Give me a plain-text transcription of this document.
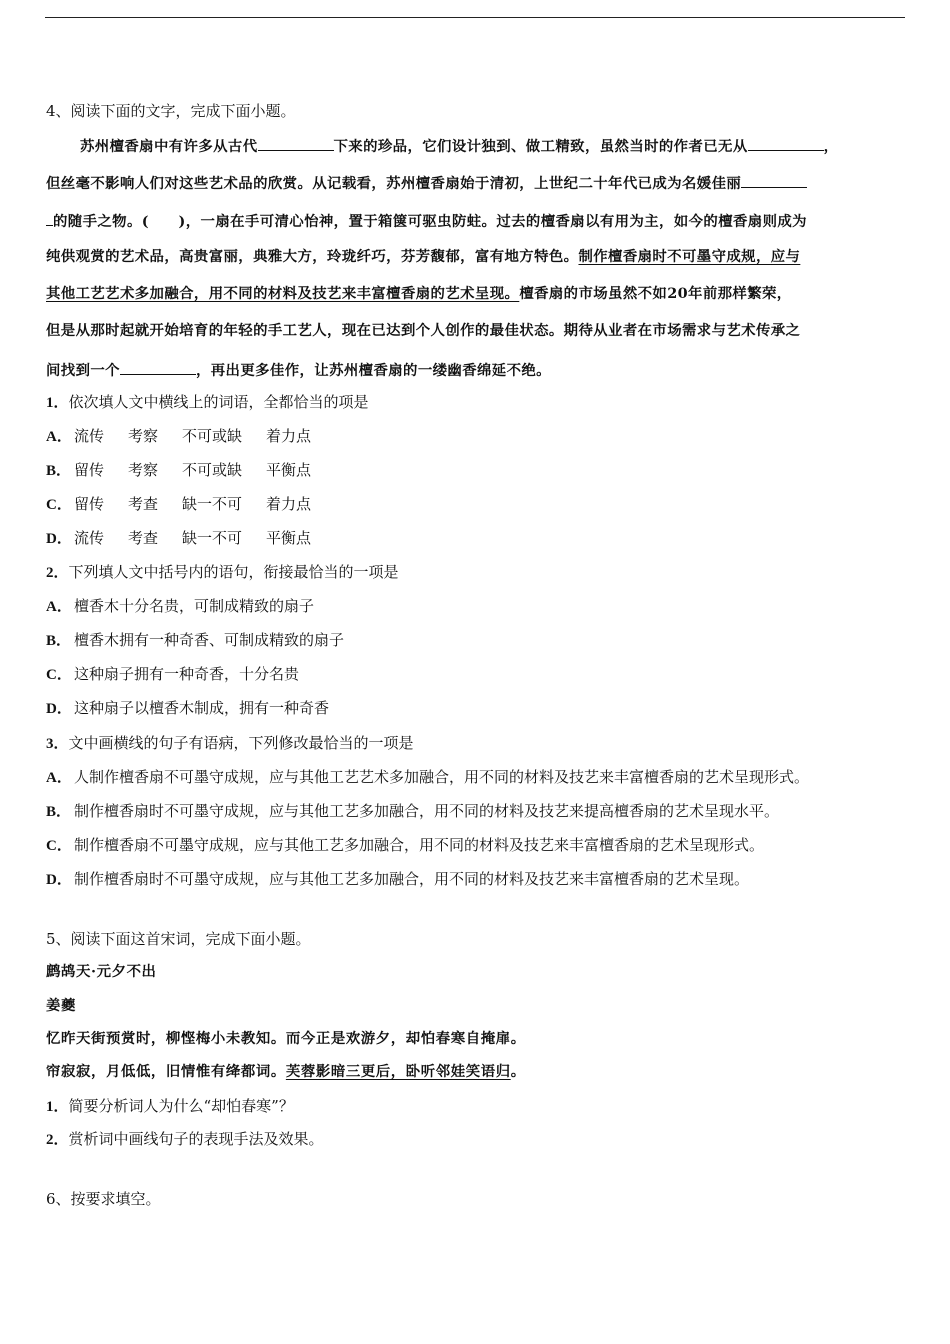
4、阅读下面的文字，完成下面小题。
苏州檀香扇中有许多从古代	下来的珍品，它们设计独到、做工精致，虽然当时的作者已无从	，
但丝毫不影响人们对这些艺术品的欣赏。从记载看，苏州檀香扇始于清初，上世纪二十年代已成为名媛佳丽
的随手之物。(　　)，一扇在手可清心怡神，置于箱箧可驱虫防蛀。过去的檀香扇以有用为主，如今的檀香扇则成为
纯供观赏的艺术品，高贵富丽，典雅大方，玲珑纤巧，芬芳馥郁，富有地方特色。制作檀香扇时不可墨守成规，应与
其他工艺艺术多加融合，用不同的材料及技艺来丰富檀香扇的艺术呈现。檀香扇的市场虽然不如20年前那样繁荣，
但是从那时起就开始培育的年轻的手工艺人，现在已达到个人创作的最佳状态。期待从业者在市场需求与艺术传承之
间找到一个	，再出更多佳作，让苏州檀香扇的一缕幽香绵延不绝。
1．依次填人文中横线上的词语，全都恰当的项是
A． 流传 考察 不可或缺 着力点
B． 留传 考察 不可或缺 平衡点
C． 留传 考查 缺一不可 着力点
D． 流传 考查 缺一不可 平衡点
2．下列填人文中括号内的语句，衔接最恰当的一项是
A． 檀香木十分名贵，可制成精致的扇子
B． 檀香木拥有一种奇香、可制成精致的扇子
C． 这种扇子拥有一种奇香，十分名贵
D． 这种扇子以檀香木制成，拥有一种奇香
3．文中画横线的句子有语病，下列修改最恰当的一项是
A． 人制作檀香扇不可墨守成规，应与其他工艺艺术多加融合，用不同的材料及技艺来丰富檀香扇的艺术呈现形式。
B． 制作檀香扇时不可墨守成规，应与其他工艺多加融合，用不同的材料及技艺来提高檀香扇的艺术呈现水平。
C． 制作檀香扇不可墨守成规，应与其他工艺多加融合，用不同的材料及技艺来丰富檀香扇的艺术呈现形式。
D． 制作檀香扇时不可墨守成规，应与其他工艺多加融合，用不同的材料及技艺来丰富檀香扇的艺术呈现。
5、阅读下面这首宋词，完成下面小题。
鹧鸪天·元夕不出
姜夔
忆昨天街预赏时，柳悭梅小未教知。而今正是欢游夕，却怕春寒自掩扉。
帘寂寂，月低低，旧情惟有绛都词。芙蓉影暗三更后，卧听邻娃笑语归。
1．简要分析词人为什么“却怕春寒”？
2．赏析词中画线句子的表现手法及效果。
6、按要求填空。
